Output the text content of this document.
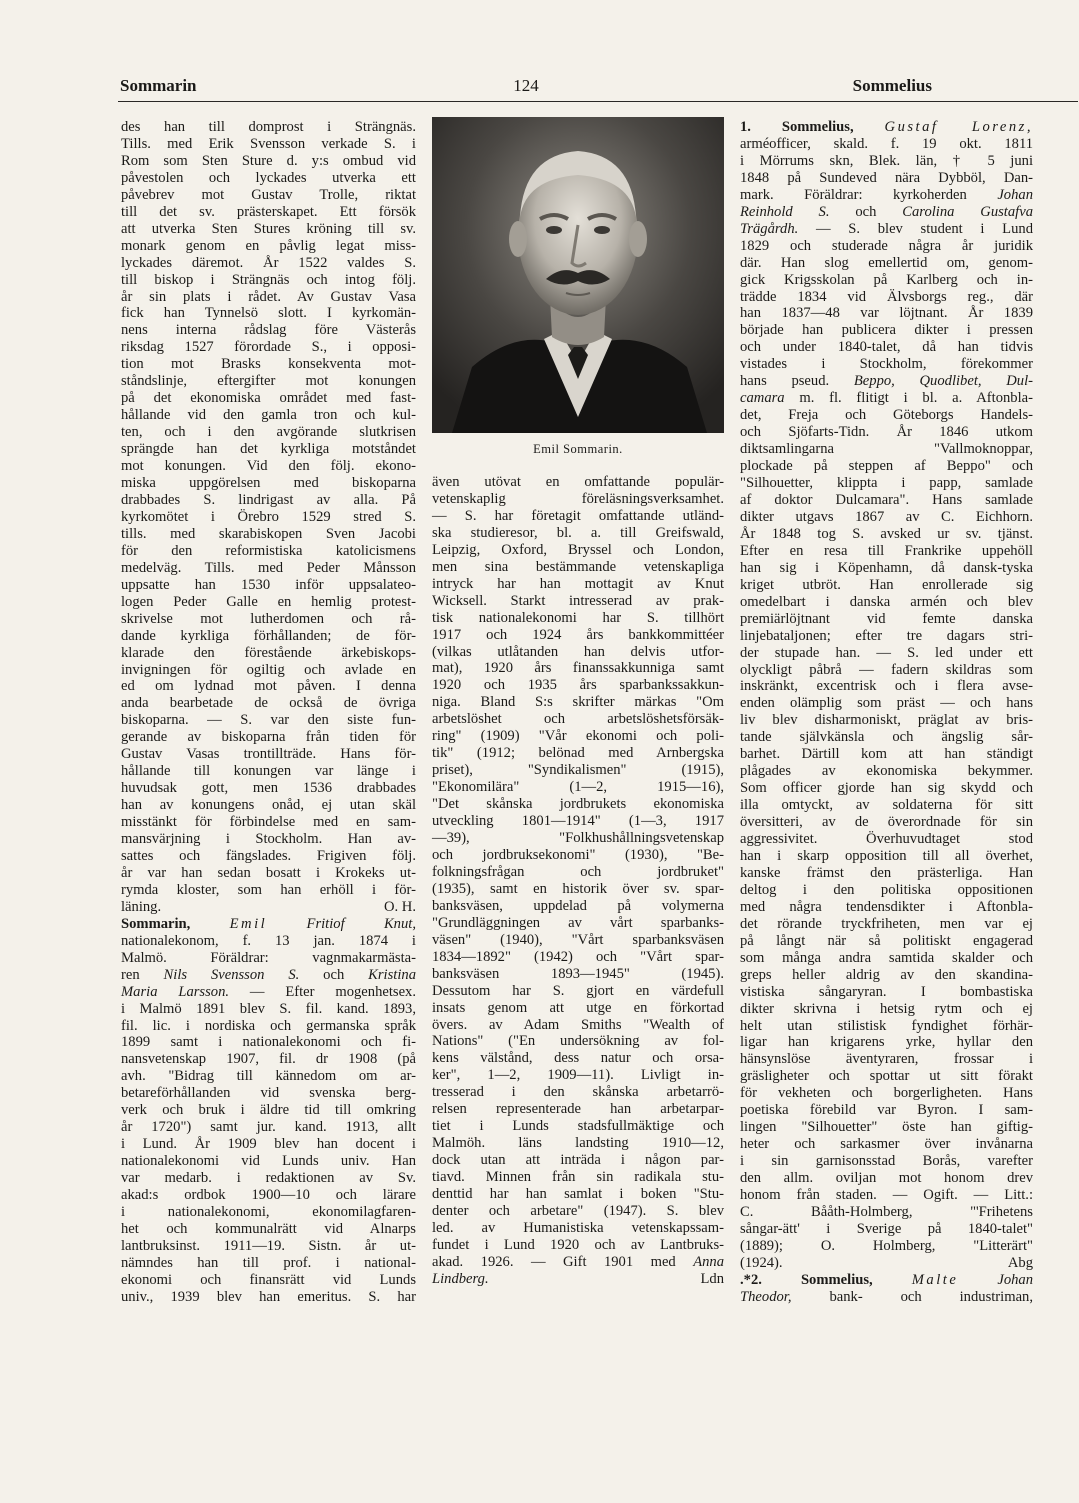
Sommarin	124	Sommelius
des han till domprost i Strängnäs.
Tills. med Erik Svensson verkade S. i
Rom som Sten Sture d. y:s ombud vid
påvestolen och lyckades utverka ett
påvebrev mot Gustav Trolle, riktat
till det sv. prästerskapet. Ett försök
att utverka Sten Stures kröning till sv.
monark genom en påvlig legat miss-
lyckades däremot. År 1522 valdes S.
till biskop i Strängnäs och intog följ.
år sin plats i rådet. Av Gustav Vasa
fick han Tynnelsö slott. I kyrkomän-
nens interna rådslag före Västerås
riksdag 1527 förordade S., i opposi-
tion mot Brasks konsekventa mot-
ståndslinje, eftergifter mot konungen
på det ekonomiska området med fast-
hållande vid den gamla tron och kul-
ten, och i den avgörande slutkrisen
sprängde han det kyrkliga motståndet
mot konungen. Vid den följ. ekono-
miska uppgörelsen med biskoparna
drabbades S. lindrigast av alla. På
kyrkomötet i Örebro 1529 stred S.
tills. med skarabiskopen Sven Jacobi
för den reformistiska katolicismens
medelväg. Tills. med Peder Månsson
uppsatte han 1530 inför uppsalateo-
logen Peder Galle en hemlig protest-
skrivelse mot lutherdomen och rå-
dande kyrkliga förhållanden; de för-
klarade den förestående ärkebiskops-
invigningen för ogiltig och avlade en
ed om lydnad mot påven. I denna
anda bearbetade de också de övriga
biskoparna. — S. var den siste fun-
gerande av biskoparna från tiden för
Gustav Vasas trontillträde. Hans för-
hållande till konungen var länge i
huvudsak gott, men 1536 drabbades
han av konungens onåd, ej utan skäl
misstänkt för förbindelse med en sam-
mansvärjning i Stockholm. Han av-
sattes och fängslades. Frigiven följ.
år var han sedan bosatt i Krokeks ut-
rymda kloster, som han erhöll i för-
läning.	O. H.
Sommarin,	Emil	Fritiof Knut,
nationalekonom, f. 13 jan. 1874 i
Malmö. Föräldrar: vagnmakarmästa-
ren Nils Svensson S. och Kristina
Maria Larsson. — Efter mogenhetsex.
i Malmö 1891 blev S. fil. kand. 1893,
fil. lic. i nordiska och germanska språk
1899 samt i nationalekonomi och fi-
nansvetenskap 1907, fil. dr 1908 (på
avh. "Bidrag till kännedom om ar-
betareförhållanden vid svenska berg-
verk och bruk i äldre tid till omkring
år 1720") samt jur. kand. 1913, allt
i Lund. År 1909 blev han docent i
nationalekonomi vid Lunds univ. Han
var medarb. i redaktionen av Sv.
akad:s ordbok 1900—10 och lärare
i nationalekonomi, ekonomilagfaren-
het och kommunalrätt vid Alnarps
lantbruksinst. 1911—19. Sistn. år ut-
nämndes han till prof. i national-
ekonomi och finansrätt vid Lunds
univ., 1939 blev han emeritus. S. har
Emil Sommarin.
även utövat en omfattande populär-
vetenskaplig föreläsningsverksamhet.
— S. har företagit omfattande utländ-
ska studieresor, bl. a. till Greifswald,
Leipzig, Oxford, Bryssel och London,
men sina bestämmande vetenskapliga
intryck har han mottagit av Knut
Wicksell. Starkt intresserad av prak-
tisk nationalekonomi har S. tillhört
1917 och 1924 års bankkommittéer
(vilkas utlåtanden han delvis utfor-
mat), 1920 års finanssakkunniga samt
1920 och 1935 års sparbankssakkun-
niga. Bland S:s skrifter märkas "Om
arbetslöshet och arbetslöshetsförsäk-
ring" (1909) "Vår ekonomi och poli-
tik" (1912; belönad med Arnbergska
priset), "Syndikalismen" (1915),
"Ekonomilära" (1—2, 1915—16),
"Det skånska jordbrukets ekonomiska
utveckling 1801—1914" (1—3, 1917
—39), "Folkhushållningsvetenskap
och jordbruksekonomi" (1930), "Be-
folkningsfrågan och jordbruket"
(1935), samt en historik över sv. spar-
banksväsen, uppdelad på volymerna
"Grundläggningen av vårt sparbanks-
väsen" (1940), "Vårt sparbanksväsen
1834—1892" (1942) och "Vårt spar-
banksväsen 1893—1945" (1945).
Dessutom har S. gjort en värdefull
insats genom att utge en förkortad
övers. av Adam Smiths "Wealth of
Nations" ("En undersökning av fol-
kens välstånd, dess natur och orsa-
ker", 1—2, 1909—11). Livligt in-
tresserad i den skånska arbetarrö-
relsen representerade han arbetarpar-
tiet i Lunds stadsfullmäktige och
Malmöh. läns landsting 1910—12,
dock utan att inträda i någon par-
tiavd. Minnen från sin radikala stu-
denttid har han samlat i boken "Stu-
denter och arbetare" (1947). S. blev
led. av Humanistiska vetenskapssam-
fundet i Lund 1920 och av Lantbruks-
akad. 1926. — Gift 1901 med Anna
Lindberg.	Ldn
1. Sommelius, Gustaf Lorenz,
arméofficer, skald. f. 19 okt. 1811
i Mörrums skn, Blek. län, † 5 juni
1848 på Sundeved nära Dybböl, Dan-
mark. Föräldrar: kyrkoherden Johan
Reinhold S. och Carolina Gustafva
Trägårdh. — S. blev student i Lund
1829 och studerade några år juridik
där. Han slog emellertid om, genom-
gick Krigsskolan på Karlberg och in-
trädde 1834 vid Älvsborgs reg., där
han 1837—48 var löjtnant. År 1839
började han publicera dikter i pressen
och under 1840-talet, då han tidvis
vistades i Stockholm, förekommer
hans pseud. Beppo, Quodlibet, Dul-
camara m. fl. flitigt i bl. a. Aftonbla-
det, Freja och Göteborgs Handels-
och Sjöfarts-Tidn. År 1846 utkom
diktsamlingarna "Vallmoknoppar,
plockade på steppen af Beppo" och
"Silhouetter, klippta i papp, samlade
af doktor Dulcamara". Hans samlade
dikter utgavs 1867 av C. Eichhorn.
År 1848 tog S. avsked ur sv. tjänst.
Efter en resa till Frankrike uppehöll
han sig i Köpenhamn, då dansk-tyska
kriget utbröt. Han enrollerade sig
omedelbart i danska armén och blev
premiärlöjtnant vid femte danska
linjebataljonen; efter tre dagars stri-
der stupade han. — S. led under ett
olyckligt påbrå — fadern skildras som
inskränkt, excentrisk och i flera avse-
enden olämplig som präst — och hans
liv blev disharmoniskt, präglat av bris-
tande självkänsla och ängslig sår-
barhet. Därtill kom att han ständigt
plågades av ekonomiska bekymmer.
Som officer gjorde han sig skydd och
illa omtyckt, av soldaterna för sitt
översitteri, av de överordnade för sin
aggressivitet. Överhuvudtaget stod
han i skarp opposition till all överhet,
kanske främst den prästerliga. Han
deltog i den politiska oppositionen
med några tendensdikter i Aftonbla-
det rörande tryckfriheten, men var ej
på långt när så politiskt engagerad
som många andra samtida skalder och
greps heller aldrig av den skandina-
vistiska sångaryran. I bombastiska
dikter skrivna i hetsig rytm och ej
helt utan stilistisk fyndighet förhär-
ligar han krigarens yrke, hyllar den
hänsynslöse äventyraren, frossar i
gräsligheter och spottar ut sitt förakt
för vekheten och borgerligheten. Hans
poetiska förebild var Byron. I sam-
lingen "Silhouetter" öste han giftig-
heter och sarkasmer över invånarna
i sin garnisonsstad Borås, varefter
den allm. oviljan mot honom drev
honom från staden. — Ogift. — Litt.:
C. Bååth-Holmberg, "'Frihetens
sångar-ätt' i Sverige på 1840-talet"
(1889); O. Holmberg, "Litterärt"
(1924).	Abg
.*2.	Sommelius,	Malte	Johan
Theodor,	bank- och industriman,
